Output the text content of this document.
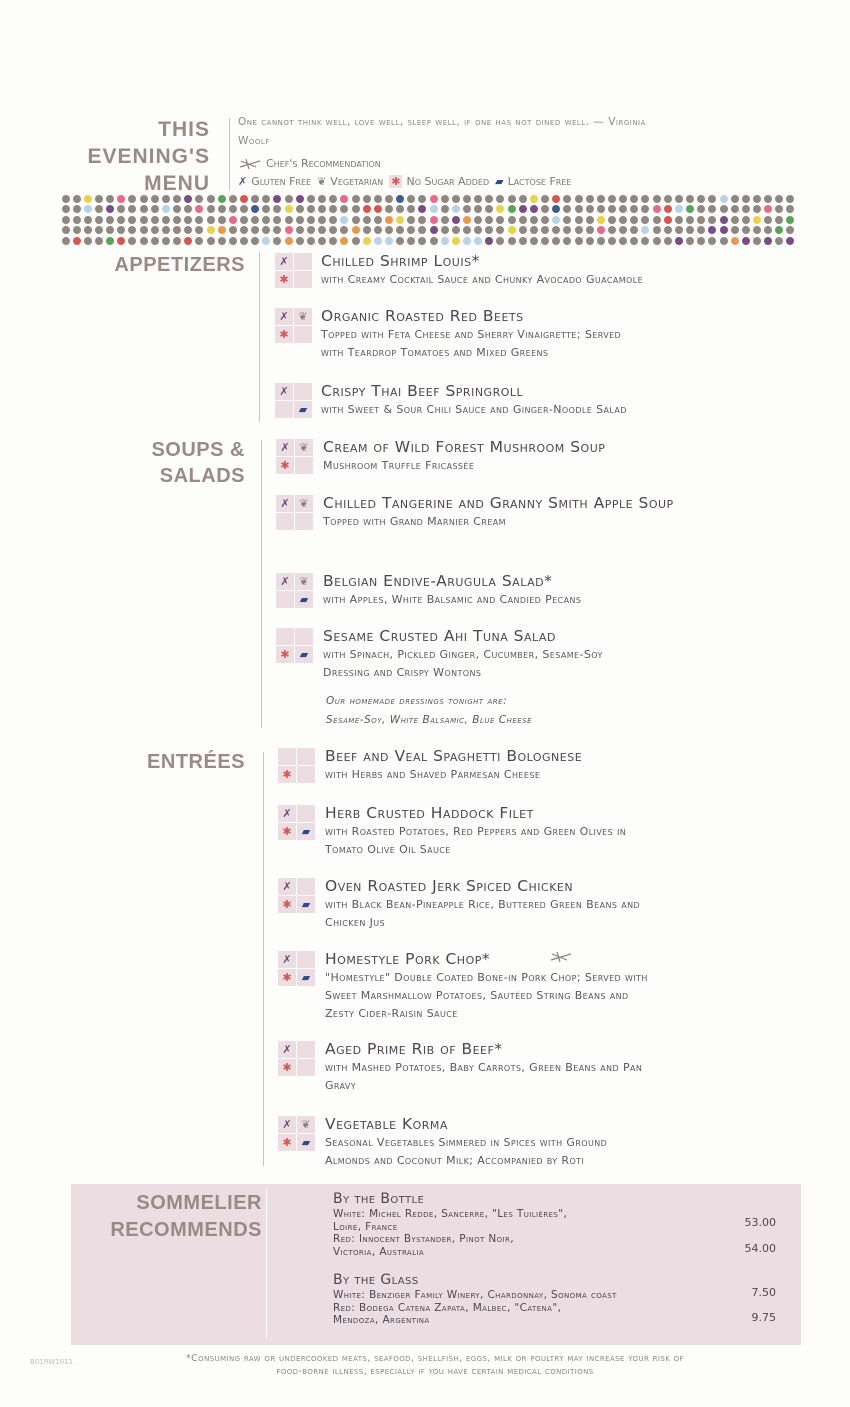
THIS
EVENING'S
MENU
One cannot think well, love well, sleep well, if one has not dined well. — Virginia Woolf
Chef's Recommendation
✗ Gluten Free ❦ Vegetarian ✱ No Sugar Added ▰ Lactose Free
APPETIZERS	✗
✱
Chilled Shrimp Louis*
with Creamy Cocktail Sauce and Chunky Avocado Guacamole
✗ ❦
✱
Organic Roasted Red Beets
Topped with Feta Cheese and Sherry Vinaigrette; Served
with Teardrop Tomatoes and Mixed Greens
✗
▰
Crispy Thai Beef Springroll
with Sweet & Sour Chili Sauce and Ginger-Noodle Salad
SOUPS &
SALADS
✗ ❦
✱
Cream of Wild Forest Mushroom Soup
Mushroom Truffle Fricassée
✗ ❦ Chilled Tangerine and Granny Smith Apple Soup
Topped with Grand Marnier Cream
✗ ❦
▰
Belgian Endive-Arugula Salad*
with Apples, White Balsamic and Candied Pecans
✱ ▰
Sesame Crusted Ahi Tuna Salad
with Spinach, Pickled Ginger, Cucumber, Sesame-Soy
Dressing and Crispy Wontons
Our homemade dressings tonight are:
Sesame-Soy, White Balsamic, Blue Cheese
ENTRÉES
✱
Beef and Veal Spaghetti Bolognese
with Herbs and Shaved Parmesan Cheese
✗
✱ ▰
Herb Crusted Haddock Filet
with Roasted Potatoes, Red Peppers and Green Olives in
Tomato Olive Oil Sauce
✗
✱ ▰
Oven Roasted Jerk Spiced Chicken
with Black Bean-Pineapple Rice, Buttered Green Beans and
Chicken Jus
✗
✱ ▰
Homestyle Pork Chop*
"Homestyle" Double Coated Bone-in Pork Chop; Served with
Sweet Marshmallow Potatoes, Sautéed String Beans and
Zesty Cider-Raisin Sauce
✗
✱
Aged Prime Rib of Beef*
with Mashed Potatoes, Baby Carrots, Green Beans and Pan
Gravy
✗ ❦
✱ ▰
Vegetable Korma
Seasonal Vegetables Simmered in Spices with Ground
Almonds and Coconut Milk; Accompanied by Roti
SOMMELIER
RECOMMENDS
By the Bottle
White: Michel Redde, Sancerre, "Les Tuilières",
Loire, France
Red: Innocent Bystander, Pinot Noir,
Victoria, Australia
53.00
54.00
By the Glass
White: Benziger Family Winery, Chardonnay, Sonoma coast
Red: Bodega Catena Zapata, Malbec, "Catena",
Mendoza, Argentina
7.50
9.75
B01RW1011	*Consuming raw or undercooked meats, seafood, shellfish, eggs, milk or poultry may increase your risk of
food-borne illness, especially if you have certain medical conditions
